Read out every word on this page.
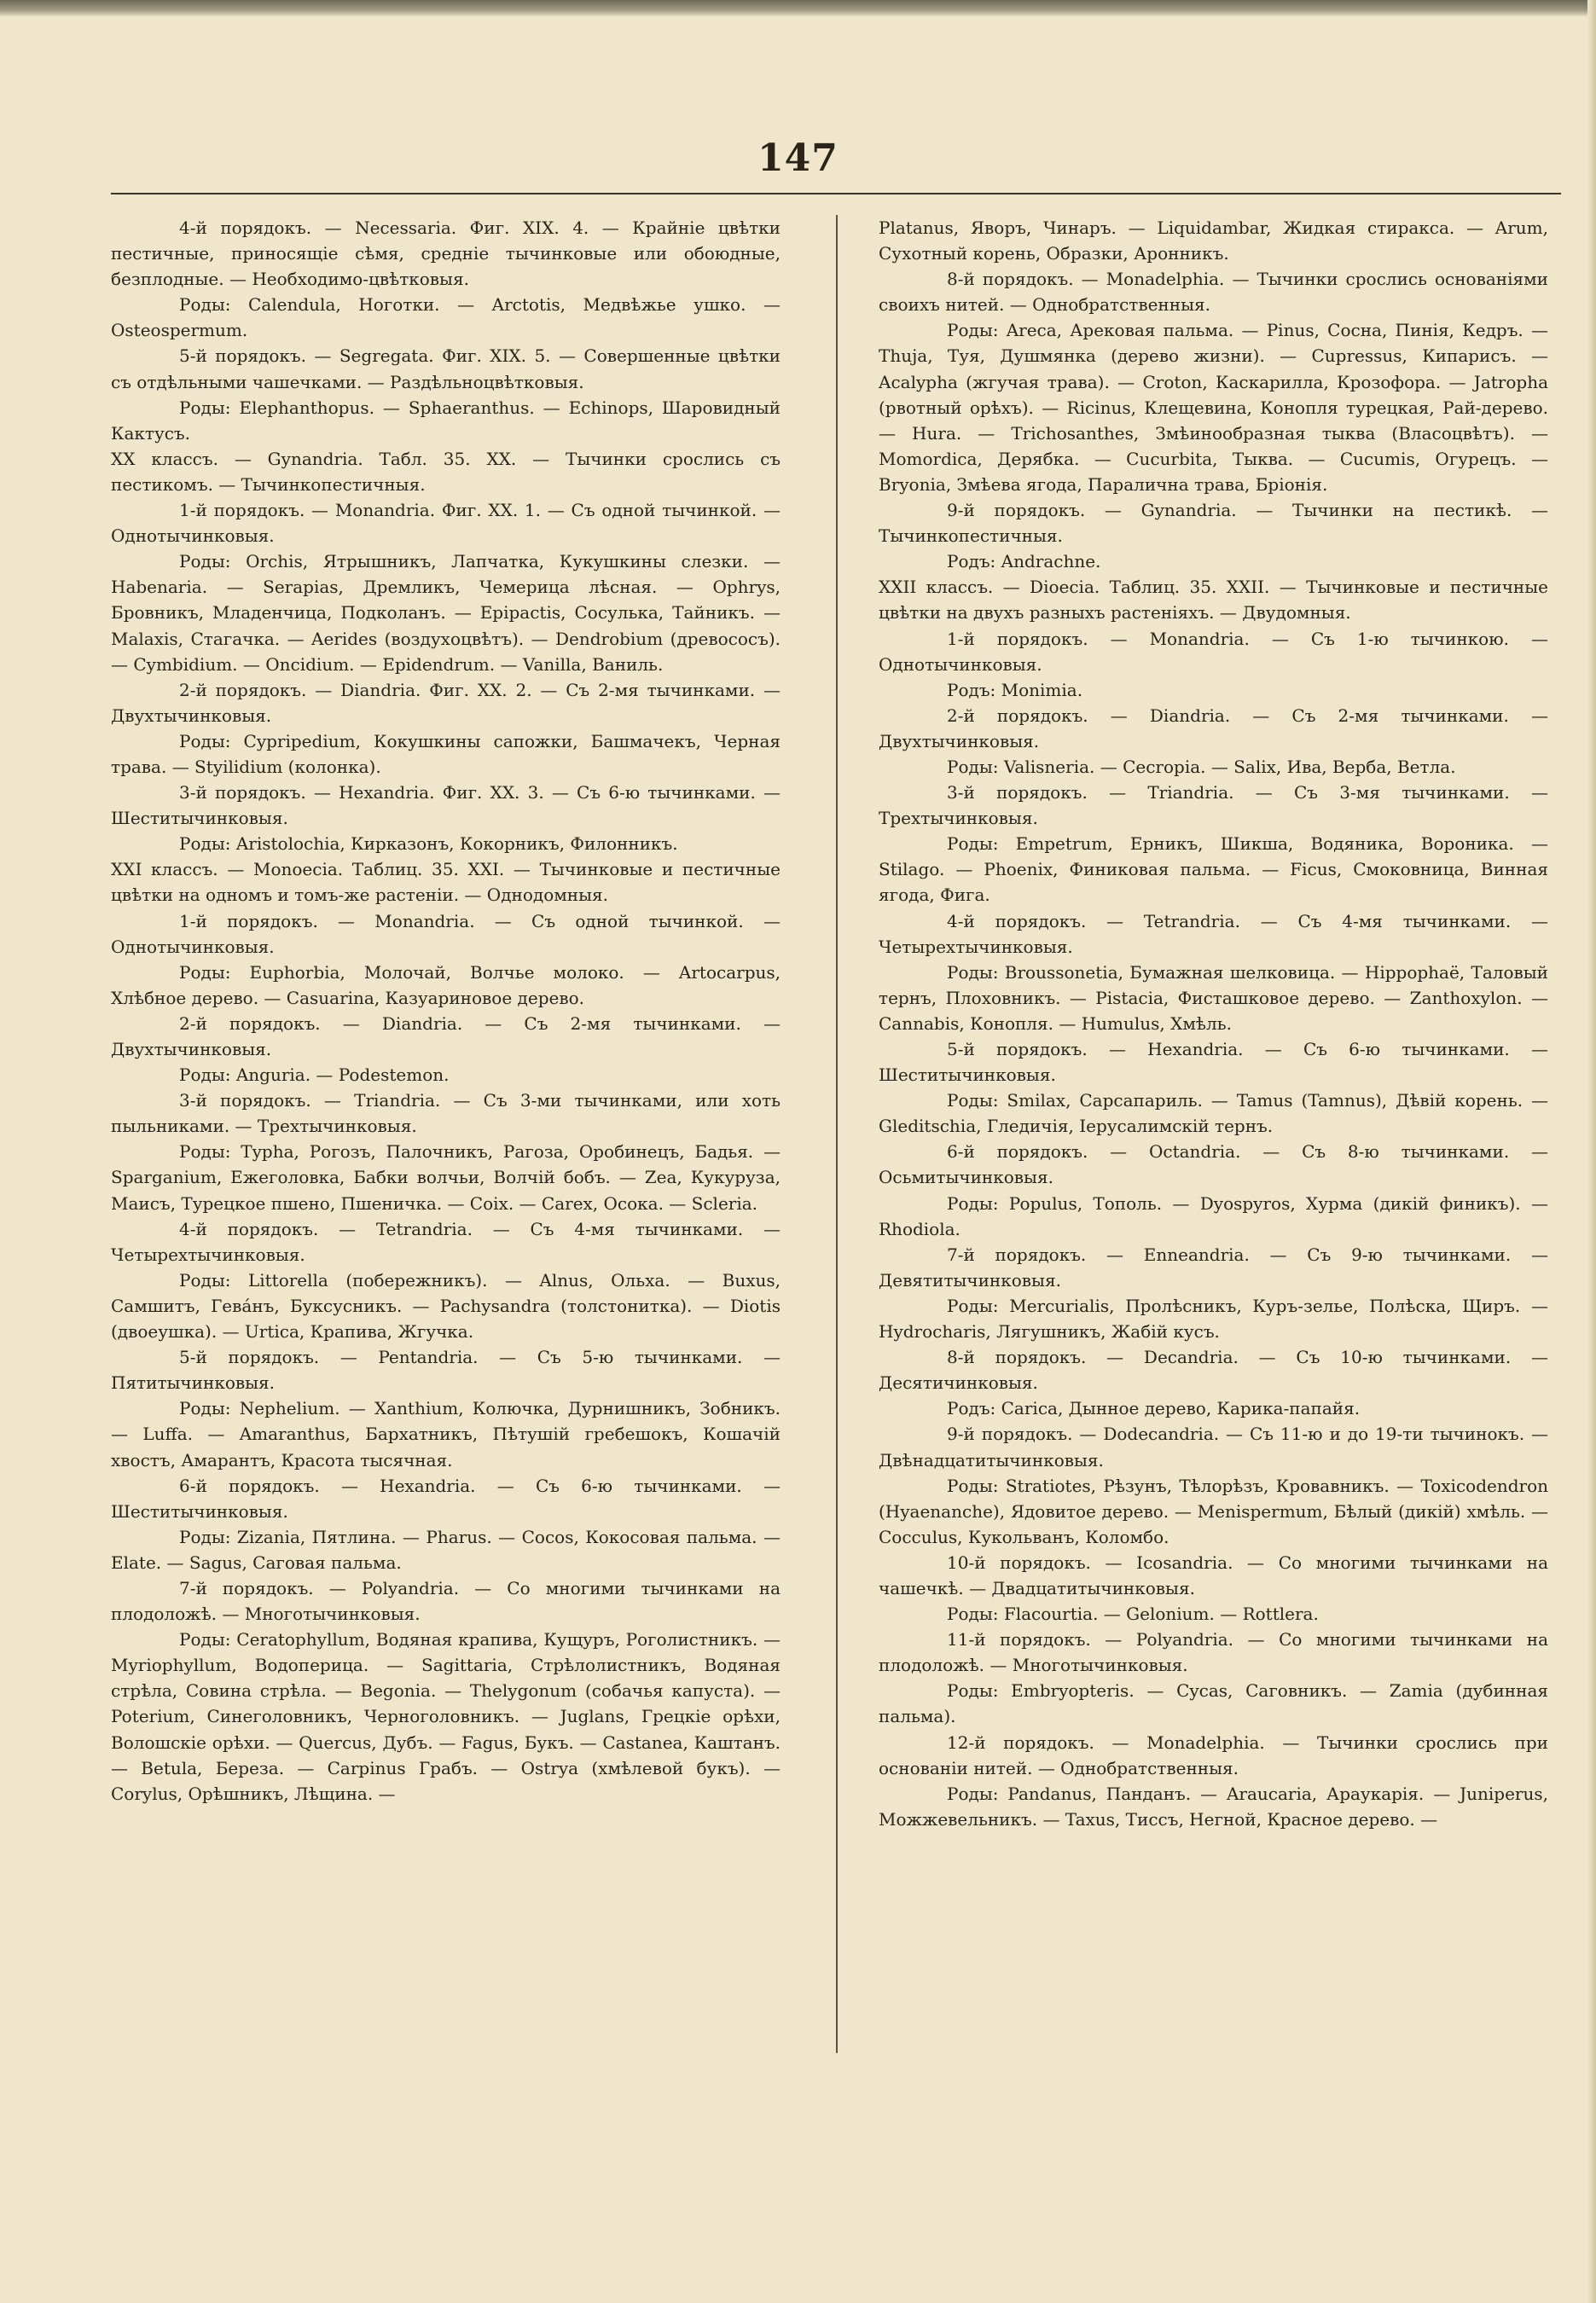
147

4-й порядокъ. — Necessaria. Фиг. XIX. 4. — Крайніе цвѣтки пестичные, приносящіе сѣмя, средніе тычинковые или обоюдные, безплодные. — Необходимо-цвѣтковыя.

Роды: Calendula, Ноготки. — Arctotis, Медвѣжье ушко. — Osteospermum.

5-й порядокъ. — Segregata. Фиг. XIX. 5. — Совершенные цвѣтки съ отдѣльными чашечками. — Раздѣльноцвѣтковыя.

Роды: Elephanthopus. — Sphaeranthus. — Echinops, Шаровидный Кактусъ.

XX классъ. — Gynandria. Табл. 35. XX. — Тычинки срослись съ пестикомъ. — Тычинкопестичныя.

1-й порядокъ. — Monandria. Фиг. XX. 1. — Съ одной тычинкой. — Однотычинковыя.

Роды: Orchis, Ятрышникъ, Лапчатка, Кукушкины слезки. — Habenaria. — Serapias, Дремликъ, Чемерица лѣсная. — Ophrys, Бровникъ, Младенчица, Подколанъ. — Epipactis, Сосулька, Тайникъ. — Malaxis, Стагачка. — Aerides (воздухоцвѣтъ). — Dendrobium (древососъ). — Cymbidium. — Oncidium. — Epidendrum. — Vanilla, Ваниль.

2-й порядокъ. — Diandria. Фиг. XX. 2. — Съ 2-мя тычинками. — Двухтычинковыя.

Роды: Cypripedium, Кокушкины сапожки, Башмачекъ, Черная трава. — Styilidium (колонка).

3-й порядокъ. — Hexandria. Фиг. XX. 3. — Съ 6-ю тычинками. — Шеститычинковыя.

Роды: Aristolochia, Кирказонъ, Кокорникъ, Филонникъ.

XXI классъ. — Monoecia. Таблиц. 35. XXI. — Тычинковые и пестичные цвѣтки на одномъ и томъ-же растеніи. — Однодомныя.

1-й порядокъ. — Monandria. — Съ одной тычинкой. — Однотычинковыя.

Роды: Euphorbia, Молочай, Волчье молоко. — Artocarpus, Хлѣбное дерево. — Casuarina, Казуариновое дерево.

2-й порядокъ. — Diandria. — Съ 2-мя тычинками. — Двухтычинковыя.

Роды: Anguria. — Podestemon.

3-й порядокъ. — Triandria. — Съ 3-ми тычинками, или хоть пыльниками. — Трехтычинковыя.

Роды: Typha, Рогозъ, Палочникъ, Рагоза, Оробинецъ, Бадья. — Sparganium, Ежеголовка, Бабки волчьи, Волчій бобъ. — Zea, Кукуруза, Маисъ, Турецкое пшено, Пшеничка. — Coix. — Carex, Осока. — Scleria.

4-й порядокъ. — Tetrandria. — Съ 4-мя тычинками. — Четырехтычинковыя.

Роды: Littorella (побережникъ). — Alnus, Ольха. — Buxus, Самшитъ, Гевáнъ, Буксусникъ. — Pachysandra (толстонитка). — Diotis (двоеушка). — Urtica, Крапива, Жгучка.

5-й порядокъ. — Pentandria. — Съ 5-ю тычинками. — Пятитычинковыя.

Роды: Nephelium. — Xanthium, Колючка, Дурнишникъ, Зобникъ. — Luffa. — Amaranthus, Бархатникъ, Пѣтушій гребешокъ, Кошачій хвостъ, Амарантъ, Красота тысячная.

6-й порядокъ. — Hexandria. — Съ 6-ю тычинками. — Шеститычинковыя.

Роды: Zizania, Пятлина. — Pharus. — Cocos, Кокосовая пальма. — Elate. — Sagus, Саговая пальма.

7-й порядокъ. — Polyandria. — Со многими тычинками на плодоложѣ. — Многотычинковыя.

Роды: Ceratophyllum, Водяная крапива, Кущуръ, Роголистникъ. — Myriophyllum, Водоперица. — Sagittaria, Стрѣлолистникъ, Водяная стрѣла, Совина стрѣла. — Begonia. — Thelygonum (собачья капуста). — Poterium, Синеголовникъ, Черноголовникъ. — Juglans, Грецкіе орѣхи, Волошскіе орѣхи. — Quercus, Дубъ. — Fagus, Букъ. — Castanea, Каштанъ. — Betula, Береза. — Carpinus Грабъ. — Ostrya (хмѣлевой букъ). — Corylus, Орѣшникъ, Лѣщина. —

Platanus, Яворъ, Чинаръ. — Liquidambar, Жидкая стиракса. — Arum, Сухотный корень, Образки, Аронникъ.

8-й порядокъ. — Monadelphia. — Тычинки срослись основаніями своихъ нитей. — Однобратственныя.

Роды: Areca, Арековая пальма. — Pinus, Сосна, Пинія, Кедръ. — Thuja, Туя, Душмянка (дерево жизни). — Cupressus, Кипарисъ. — Acalypha (жгучая трава). — Croton, Каскарилла, Крозофора. — Jatropha (рвотный орѣхъ). — Ricinus, Клещевина, Конопля турецкая, Рай-дерево. — Hura. — Trichosanthes, Змѣинообразная тыква (Власоцвѣтъ). — Momordica, Дерябка. — Cucurbita, Тыква. — Cucumis, Огурецъ. — Bryonia, Змѣева ягода, Паралична трава, Бріонія.

9-й порядокъ. — Gynandria. — Тычинки на пестикѣ. — Тычинкопестичныя.

Родъ: Andrachne.

XXII классъ. — Dioecia. Таблиц. 35. XXII. — Тычинковые и пестичные цвѣтки на двухъ разныхъ растеніяхъ. — Двудомныя.

1-й порядокъ. — Monandria. — Съ 1-ю тычинкою. — Однотычинковыя.

Родъ: Monimia.

2-й порядокъ. — Diandria. — Съ 2-мя тычинками. — Двухтычинковыя.

Роды: Valisneria. — Cecropia. — Salix, Ива, Верба, Ветла.

3-й порядокъ. — Triandria. — Съ 3-мя тычинками. — Трехтычинковыя.

Роды: Empetrum, Ерникъ, Шикша, Водяника, Вороника. — Stilago. — Phoenix, Финиковая пальма. — Ficus, Смоковница, Винная ягода, Фига.

4-й порядокъ. — Tetrandria. — Съ 4-мя тычинками. — Четырехтычинковыя.

Роды: Broussonetia, Бумажная шелковица. — Hippophaё, Таловый тернъ, Плоховникъ. — Pistacia, Фисташковое дерево. — Zanthoxylon. — Cannabis, Конопля. — Humulus, Хмѣль.

5-й порядокъ. — Hexandria. — Съ 6-ю тычинками. — Шеститычинковыя.

Роды: Smilax, Сарсапариль. — Tamus (Tamnus), Дѣвій корень. — Gleditschia, Гледичія, Іерусалимскій тернъ.

6-й порядокъ. — Octandria. — Съ 8-ю тычинками. — Осьмитычинковыя.

Роды: Populus, Тополь. — Dyospyros, Хурма (дикій финикъ). — Rhodiola.

7-й порядокъ. — Enneandria. — Съ 9-ю тычинками. — Девятитычинковыя.

Роды: Mercurialis, Пролѣсникъ, Куръ-зелье, Полѣска, Щиръ. — Hydrocharis, Лягушникъ, Жабій кусъ.

8-й порядокъ. — Decandria. — Съ 10-ю тычинками. — Десятичинковыя.

Родъ: Carica, Дынное дерево, Карика-папайя.

9-й порядокъ. — Dodecandria. — Съ 11-ю и до 19-ти тычинокъ. — Двѣнадцатитычинковыя.

Роды: Stratiotes, Рѣзунъ, Тѣлорѣзъ, Кровавникъ. — Toxicodendron (Hyaenanche), Ядовитое дерево. — Menispermum, Бѣлый (дикій) хмѣль. — Cocculus, Кукольванъ, Коломбо.

10-й порядокъ. — Icosandria. — Со многими тычинками на чашечкѣ. — Двадцатитычинковыя.

Роды: Flacourtia. — Gelonium. — Rottlera.

11-й порядокъ. — Polyandria. — Со многими тычинками на плодоложѣ. — Многотычинковыя.

Роды: Embryopteris. — Cycas, Саговникъ. — Zamia (дубинная пальма).

12-й порядокъ. — Monadelphia. — Тычинки срослись при основаніи нитей. — Однобратственныя.

Роды: Pandanus, Панданъ. — Araucaria, Араукарія. — Juniperus, Можжевельникъ. — Taxus, Тиссъ, Негной, Красное дерево. —
